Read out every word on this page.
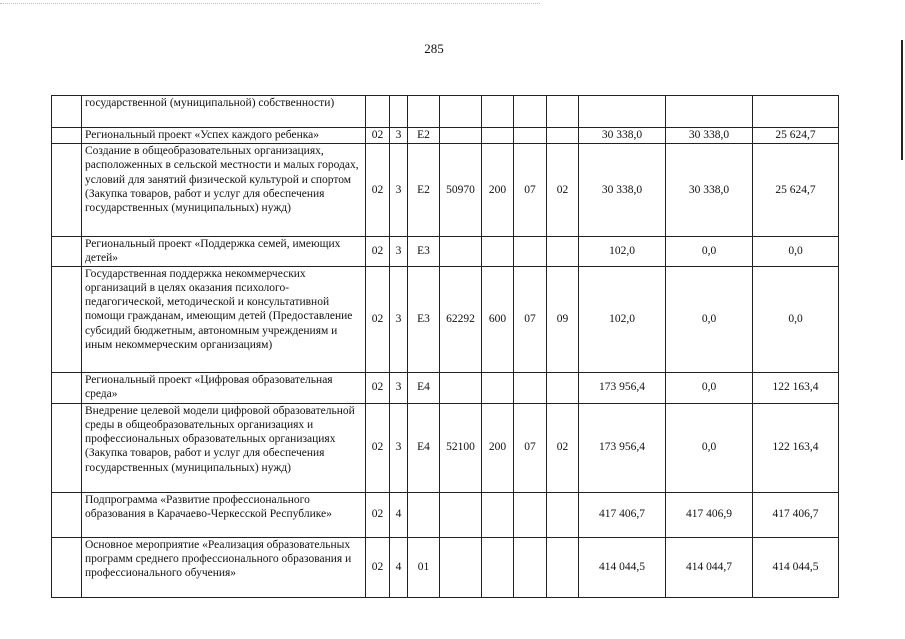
285
	государственной (муниципальной) собственности)										
	Региональный проект «Успех каждого ребенка»	02	3	Е2					30 338,0	30 338,0	25 624,7
	Создание в общеобразовательных организациях, расположенных в сельской местности и малых городах, условий для занятий физической культурой и спортом (Закупка товаров, работ и услуг для обеспечения государственных (муниципальных) нужд)	02	3	Е2	50970	200	07	02	30 338,0	30 338,0	25 624,7
	Региональный проект «Поддержка семей, имеющих детей»	02	3	Е3					102,0	0,0	0,0
	Государственная поддержка некоммерческих организаций в целях оказания психолого-педагогической, методической и консультативной помощи гражданам, имеющим детей (Предоставление субсидий бюджетным, автономным учреждениям и иным некоммерческим организациям)	02	3	Е3	62292	600	07	09	102,0	0,0	0,0
	Региональный проект «Цифровая образовательная среда»	02	3	Е4					173 956,4	0,0	122 163,4
	Внедрение целевой модели цифровой образовательной среды в общеобразовательных организациях и профессиональных образовательных организациях (Закупка товаров, работ и услуг для обеспечения государственных (муниципальных) нужд)	02	3	Е4	52100	200	07	02	173 956,4	0,0	122 163,4
	Подпрограмма «Развитие профессионального образования в Карачаево-Черкесской Республике»	02	4						417 406,7	417 406,9	417 406,7
	Основное мероприятие «Реализация образовательных программ среднего профессионального образования и профессионального обучения»	02	4	01					414 044,5	414 044,7	414 044,5
